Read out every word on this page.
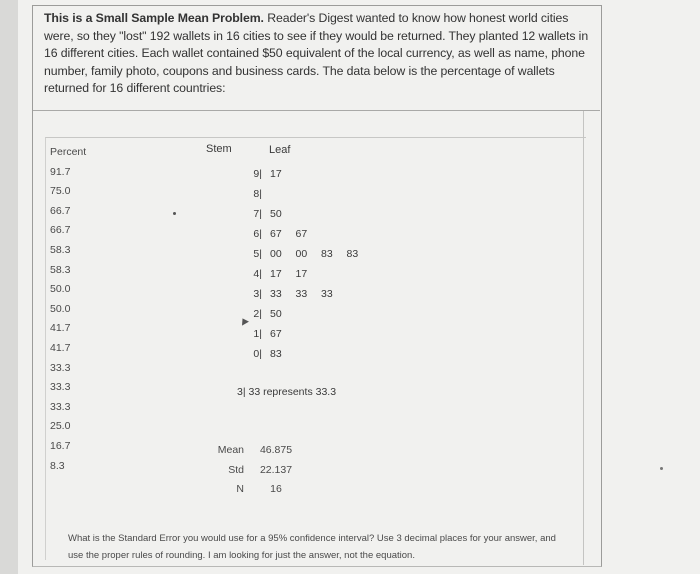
This is a Small Sample Mean Problem. Reader's Digest wanted to know how honest world cities were, so they "lost" 192 wallets in 16 cities to see if they would be returned. They planted 12 wallets in 16 different cities. Each wallet contained $50 equivalent of the local currency, as well as name, phone number, family photo, coupons and business cards. The data below is the percentage of wallets returned for 16 different countries:
Percent
91.7
75.0
66.7
66.7
58.3
58.3
50.0
50.0
41.7
41.7
33.3
33.3
33.3
25.0
16.7
8.3
Stem	Leaf
9|
8|
7|
6|
5|
4|
3|
2|
1|
0|
17
50
67  67
00  00  83  83
17  17
33  33  33
50
67
83
3| 33 represents 33.3
Mean
Std
N
46.875
22.137
16
What is the Standard Error you would use for a 95% confidence interval? Use 3 decimal places for your answer, and use the proper rules of rounding. I am looking for just the answer, not the equation.
